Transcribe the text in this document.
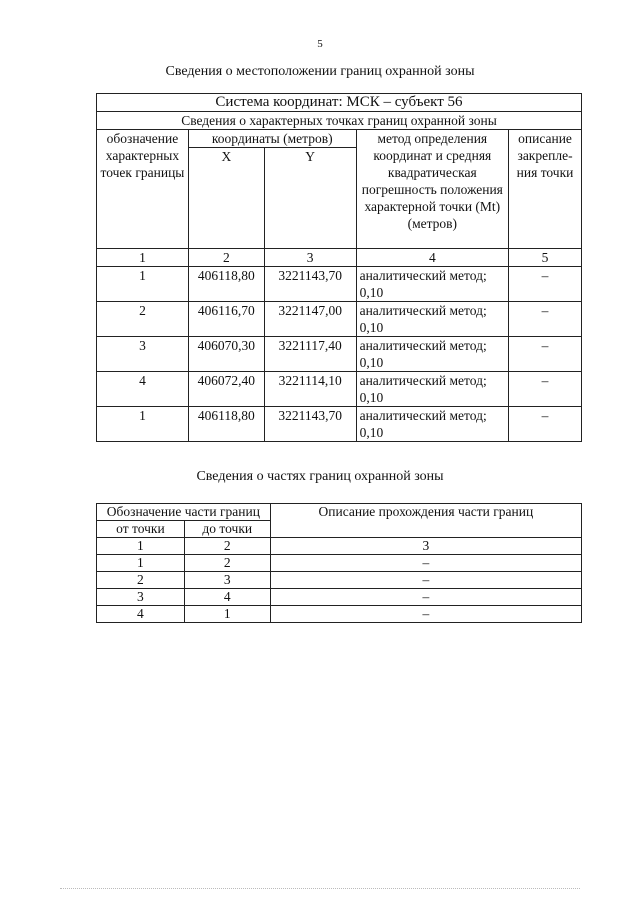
5
Сведения о местоположении границ охранной зоны
Система координат: МСК – субъект 56				
Сведения о характерных точках границ охранной зоны				
обозначение характерных точек границы	координаты (метров)		метод определения координат и средняя квадратическая погрешность положения характерной точки (Mt) (метров)	описание закрепле-ния точки
	X	Y		
1	2	3	4	5
1	406118,80	3221143,70	аналитический метод; 0,10	–
2	406116,70	3221147,00	аналитический метод; 0,10	–
3	406070,30	3221117,40	аналитический метод; 0,10	–
4	406072,40	3221114,10	аналитический метод; 0,10	–
1	406118,80	3221143,70	аналитический метод; 0,10	–
Сведения о частях границ охранной зоны
Обозначение части границ		Описание прохождения части границ
от точки	до точки	
1	2	3
1	2	–
2	3	–
3	4	–
4	1	–
